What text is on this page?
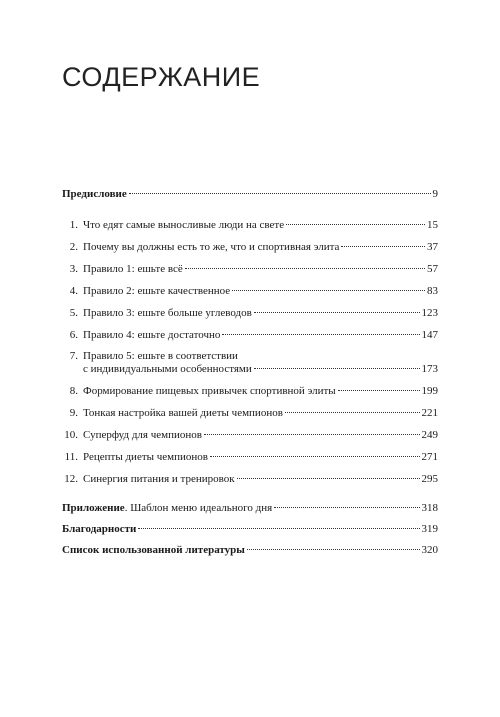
СОДЕРЖАНИЕ
Предисловие	9
1. Что едят самые выносливые люди на свете	15
2. Почему вы должны есть то же, что и спортивная элита	37
3. Правило 1: ешьте всё	57
4. Правило 2: ешьте качественное	83
5. Правило 3: ешьте больше углеводов	123
6. Правило 4: ешьте достаточно	147
7. Правило 5: ешьте в соответствии
с индивидуальными особенностями	173
8. Формирование пищевых привычек спортивной элиты	199
9. Тонкая настройка вашей диеты чемпионов	221
10. Суперфуд для чемпионов	249
11. Рецепты диеты чемпионов	271
12. Синергия питания и тренировок	295
Приложение. Шаблон меню идеального дня	318
Благодарности	319
Список использованной литературы	320
